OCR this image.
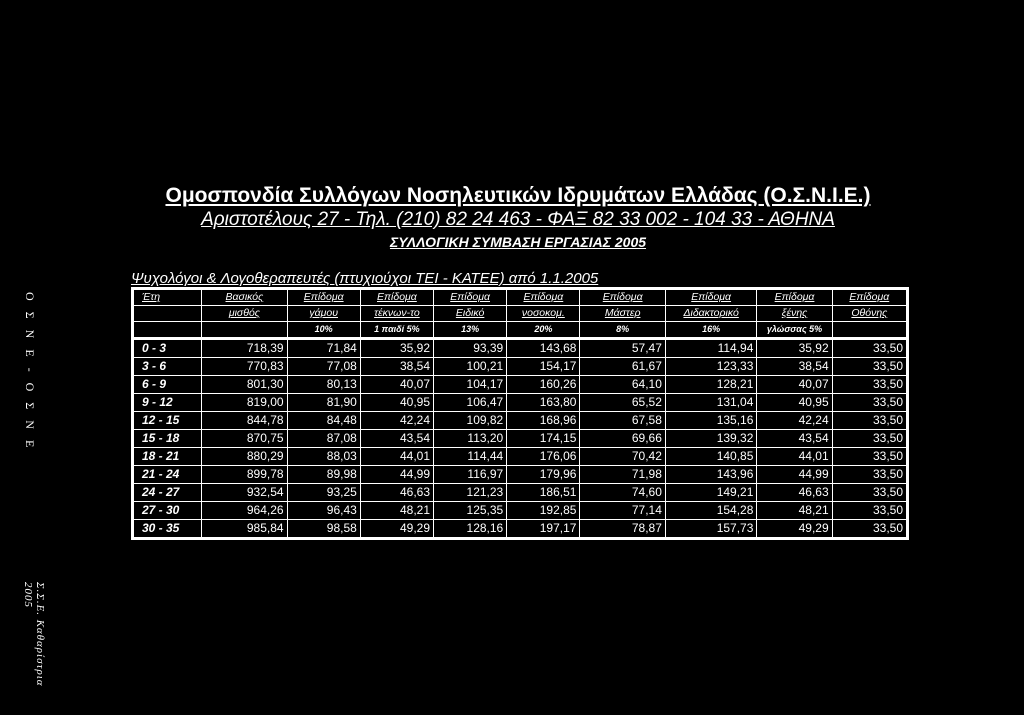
Ο Σ Ν Ε - Ο Σ Ν Ε
Σ.Σ.Ε. Καθαρίστρια 2005
Ομοσπονδία Συλλόγων Νοσηλευτικών Ιδρυμάτων Ελλάδας (Ο.Σ.Ν.Ι.Ε.)
Αριστοτέλους 27 - Τηλ. (210) 82 24 463 - ΦΑΞ 82 33 002 - 104 33 - ΑΘΗΝΑ
ΣΥΛΛΟΓΙΚΗ ΣΥΜΒΑΣΗ ΕΡΓΑΣΙΑΣ 2005
Ψυχολόγοι & Λογοθεραπευτές (πτυχιούχοι ΤΕΙ - ΚΑΤΕΕ) από 1.1.2005
Έτη	Βασικός	Επίδομα	Επίδομα	Επίδομα	Επίδομα	Επίδομα	Επίδομα	Επίδομα	Επίδομα
	μισθός	γάμου	τέκνων-το	Ειδικό	νοσοκομ.	Μάστερ	Διδακτορικό	ξένης	Οθόνης
		10%	1 παιδί 5%	13%	20%	8%	16%	γλώσσας 5%	
0 - 3	718,39	71,84	35,92	93,39	143,68	57,47	114,94	35,92	33,50
3 - 6	770,83	77,08	38,54	100,21	154,17	61,67	123,33	38,54	33,50
6 - 9	801,30	80,13	40,07	104,17	160,26	64,10	128,21	40,07	33,50
9 - 12	819,00	81,90	40,95	106,47	163,80	65,52	131,04	40,95	33,50
12 - 15	844,78	84,48	42,24	109,82	168,96	67,58	135,16	42,24	33,50
15 - 18	870,75	87,08	43,54	113,20	174,15	69,66	139,32	43,54	33,50
18 - 21	880,29	88,03	44,01	114,44	176,06	70,42	140,85	44,01	33,50
21 - 24	899,78	89,98	44,99	116,97	179,96	71,98	143,96	44,99	33,50
24 - 27	932,54	93,25	46,63	121,23	186,51	74,60	149,21	46,63	33,50
27 - 30	964,26	96,43	48,21	125,35	192,85	77,14	154,28	48,21	33,50
30 - 35	985,84	98,58	49,29	128,16	197,17	78,87	157,73	49,29	33,50
